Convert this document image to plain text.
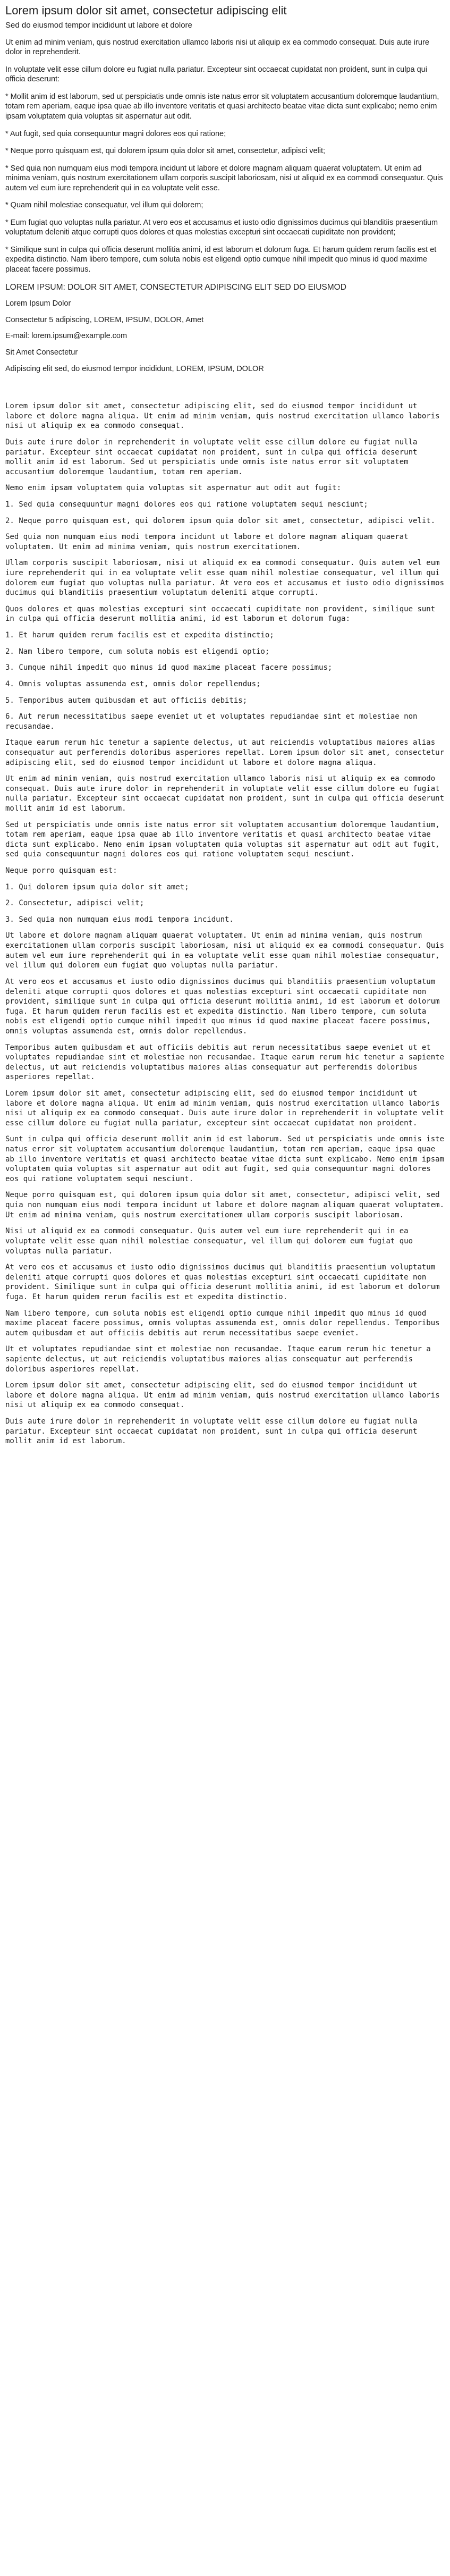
Lorem ipsum dolor sit amet, consectetur adipiscing elit
Sed do eiusmod tempor incididunt ut labore et dolore
Ut enim ad minim veniam, quis nostrud exercitation ullamco laboris nisi ut aliquip ex ea commodo consequat. Duis aute irure dolor in reprehenderit.
In voluptate velit esse cillum dolore eu fugiat nulla pariatur. Excepteur sint occaecat cupidatat non proident, sunt in culpa qui officia deserunt:
* Mollit anim id est laborum, sed ut perspiciatis unde omnis iste natus error sit voluptatem accusantium doloremque laudantium, totam rem aperiam, eaque ipsa quae ab illo inventore veritatis et quasi architecto beatae vitae dicta sunt explicabo; nemo enim ipsam voluptatem quia voluptas sit aspernatur aut odit.
* Aut fugit, sed quia consequuntur magni dolores eos qui ratione;
* Neque porro quisquam est, qui dolorem ipsum quia dolor sit amet, consectetur, adipisci velit;
* Sed quia non numquam eius modi tempora incidunt ut labore et dolore magnam aliquam quaerat voluptatem. Ut enim ad minima veniam, quis nostrum exercitationem ullam corporis suscipit laboriosam, nisi ut aliquid ex ea commodi consequatur. Quis autem vel eum iure reprehenderit qui in ea voluptate velit esse.
* Quam nihil molestiae consequatur, vel illum qui dolorem;
* Eum fugiat quo voluptas nulla pariatur. At vero eos et accusamus et iusto odio dignissimos ducimus qui blanditiis praesentium voluptatum deleniti atque corrupti quos dolores et quas molestias excepturi sint occaecati cupiditate non provident;
* Similique sunt in culpa qui officia deserunt mollitia animi, id est laborum et dolorum fuga. Et harum quidem rerum facilis est et expedita distinctio. Nam libero tempore, cum soluta nobis est eligendi optio cumque nihil impedit quo minus id quod maxime placeat facere possimus.
LOREM IPSUM: DOLOR SIT AMET, CONSECTETUR ADIPISCING ELIT SED DO EIUSMOD
Lorem Ipsum Dolor
Consectetur 5 adipiscing, LOREM, IPSUM, DOLOR, Amet
E-mail: lorem.ipsum@example.com
Sit Amet Consectetur
Adipiscing elit sed, do eiusmod tempor incididunt, LOREM, IPSUM, DOLOR
Lorem ipsum dolor sit amet, consectetur adipiscing elit, sed do eiusmod tempor incididunt ut labore et dolore magna aliqua. Ut enim ad minim veniam, quis nostrud exercitation ullamco laboris nisi ut aliquip ex ea commodo consequat.
Duis aute irure dolor in reprehenderit in voluptate velit esse cillum dolore eu fugiat nulla pariatur. Excepteur sint occaecat cupidatat non proident, sunt in culpa qui officia deserunt mollit anim id est laborum. Sed ut perspiciatis unde omnis iste natus error sit voluptatem accusantium doloremque laudantium, totam rem aperiam.
Nemo enim ipsam voluptatem quia voluptas sit aspernatur aut odit aut fugit:
1. Sed quia consequuntur magni dolores eos qui ratione voluptatem sequi nesciunt;
2. Neque porro quisquam est, qui dolorem ipsum quia dolor sit amet, consectetur, adipisci velit.
Sed quia non numquam eius modi tempora incidunt ut labore et dolore magnam aliquam quaerat voluptatem. Ut enim ad minima veniam, quis nostrum exercitationem.
Ullam corporis suscipit laboriosam, nisi ut aliquid ex ea commodi consequatur. Quis autem vel eum iure reprehenderit qui in ea voluptate velit esse quam nihil molestiae consequatur, vel illum qui dolorem eum fugiat quo voluptas nulla pariatur. At vero eos et accusamus et iusto odio dignissimos ducimus qui blanditiis praesentium voluptatum deleniti atque corrupti.
Quos dolores et quas molestias excepturi sint occaecati cupiditate non provident, similique sunt in culpa qui officia deserunt mollitia animi, id est laborum et dolorum fuga:
1. Et harum quidem rerum facilis est et expedita distinctio;
2. Nam libero tempore, cum soluta nobis est eligendi optio;
3. Cumque nihil impedit quo minus id quod maxime placeat facere possimus;
4. Omnis voluptas assumenda est, omnis dolor repellendus;
5. Temporibus autem quibusdam et aut officiis debitis;
6. Aut rerum necessitatibus saepe eveniet ut et voluptates repudiandae sint et molestiae non recusandae.
Itaque earum rerum hic tenetur a sapiente delectus, ut aut reiciendis voluptatibus maiores alias consequatur aut perferendis doloribus asperiores repellat. Lorem ipsum dolor sit amet, consectetur adipiscing elit, sed do eiusmod tempor incididunt ut labore et dolore magna aliqua.
Ut enim ad minim veniam, quis nostrud exercitation ullamco laboris nisi ut aliquip ex ea commodo consequat. Duis aute irure dolor in reprehenderit in voluptate velit esse cillum dolore eu fugiat nulla pariatur. Excepteur sint occaecat cupidatat non proident, sunt in culpa qui officia deserunt mollit anim id est laborum.
Sed ut perspiciatis unde omnis iste natus error sit voluptatem accusantium doloremque laudantium, totam rem aperiam, eaque ipsa quae ab illo inventore veritatis et quasi architecto beatae vitae dicta sunt explicabo. Nemo enim ipsam voluptatem quia voluptas sit aspernatur aut odit aut fugit, sed quia consequuntur magni dolores eos qui ratione voluptatem sequi nesciunt.
Neque porro quisquam est:
1. Qui dolorem ipsum quia dolor sit amet;
2. Consectetur, adipisci velit;
3. Sed quia non numquam eius modi tempora incidunt.
Ut labore et dolore magnam aliquam quaerat voluptatem. Ut enim ad minima veniam, quis nostrum exercitationem ullam corporis suscipit laboriosam, nisi ut aliquid ex ea commodi consequatur. Quis autem vel eum iure reprehenderit qui in ea voluptate velit esse quam nihil molestiae consequatur, vel illum qui dolorem eum fugiat quo voluptas nulla pariatur.
At vero eos et accusamus et iusto odio dignissimos ducimus qui blanditiis praesentium voluptatum deleniti atque corrupti quos dolores et quas molestias excepturi sint occaecati cupiditate non provident, similique sunt in culpa qui officia deserunt mollitia animi, id est laborum et dolorum fuga. Et harum quidem rerum facilis est et expedita distinctio. Nam libero tempore, cum soluta nobis est eligendi optio cumque nihil impedit quo minus id quod maxime placeat facere possimus, omnis voluptas assumenda est, omnis dolor repellendus.
Temporibus autem quibusdam et aut officiis debitis aut rerum necessitatibus saepe eveniet ut et voluptates repudiandae sint et molestiae non recusandae. Itaque earum rerum hic tenetur a sapiente delectus, ut aut reiciendis voluptatibus maiores alias consequatur aut perferendis doloribus asperiores repellat.
Lorem ipsum dolor sit amet, consectetur adipiscing elit, sed do eiusmod tempor incididunt ut labore et dolore magna aliqua. Ut enim ad minim veniam, quis nostrud exercitation ullamco laboris nisi ut aliquip ex ea commodo consequat. Duis aute irure dolor in reprehenderit in voluptate velit esse cillum dolore eu fugiat nulla pariatur, excepteur sint occaecat cupidatat non proident.
Sunt in culpa qui officia deserunt mollit anim id est laborum. Sed ut perspiciatis unde omnis iste natus error sit voluptatem accusantium doloremque laudantium, totam rem aperiam, eaque ipsa quae ab illo inventore veritatis et quasi architecto beatae vitae dicta sunt explicabo. Nemo enim ipsam voluptatem quia voluptas sit aspernatur aut odit aut fugit, sed quia consequuntur magni dolores eos qui ratione voluptatem sequi nesciunt.
Neque porro quisquam est, qui dolorem ipsum quia dolor sit amet, consectetur, adipisci velit, sed quia non numquam eius modi tempora incidunt ut labore et dolore magnam aliquam quaerat voluptatem. Ut enim ad minima veniam, quis nostrum exercitationem ullam corporis suscipit laboriosam.
Nisi ut aliquid ex ea commodi consequatur. Quis autem vel eum iure reprehenderit qui in ea voluptate velit esse quam nihil molestiae consequatur, vel illum qui dolorem eum fugiat quo voluptas nulla pariatur.
At vero eos et accusamus et iusto odio dignissimos ducimus qui blanditiis praesentium voluptatum deleniti atque corrupti quos dolores et quas molestias excepturi sint occaecati cupiditate non provident. Similique sunt in culpa qui officia deserunt mollitia animi, id est laborum et dolorum fuga. Et harum quidem rerum facilis est et expedita distinctio.
Nam libero tempore, cum soluta nobis est eligendi optio cumque nihil impedit quo minus id quod maxime placeat facere possimus, omnis voluptas assumenda est, omnis dolor repellendus. Temporibus autem quibusdam et aut officiis debitis aut rerum necessitatibus saepe eveniet.
Ut et voluptates repudiandae sint et molestiae non recusandae. Itaque earum rerum hic tenetur a sapiente delectus, ut aut reiciendis voluptatibus maiores alias consequatur aut perferendis doloribus asperiores repellat.
Lorem ipsum dolor sit amet, consectetur adipiscing elit, sed do eiusmod tempor incididunt ut labore et dolore magna aliqua. Ut enim ad minim veniam, quis nostrud exercitation ullamco laboris nisi ut aliquip ex ea commodo consequat.
Duis aute irure dolor in reprehenderit in voluptate velit esse cillum dolore eu fugiat nulla pariatur. Excepteur sint occaecat cupidatat non proident, sunt in culpa qui officia deserunt mollit anim id est laborum.
